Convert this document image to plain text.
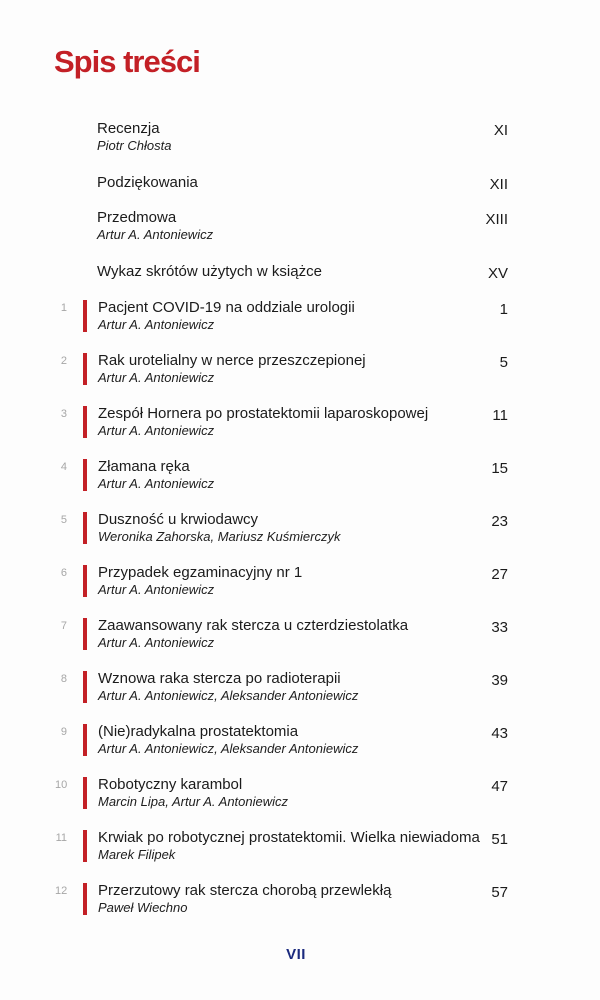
Spis treści
Recenzja
Piotr Chłosta
XI
Podziękowania	XII
Przedmowa
Artur A. Antoniewicz
XIII
Wykaz skrótów użytych w książce	XV
1 Pacjent COVID-19 na oddziale urologii
Artur A. Antoniewicz
1
2 Rak urotelialny w nerce przeszczepionej
Artur A. Antoniewicz
5
3 Zespół Hornera po prostatektomii laparoskopowej
Artur A. Antoniewicz
11
4 Złamana ręka
Artur A. Antoniewicz
15
5 Duszność u krwiodawcy
Weronika Zahorska, Mariusz Kuśmierczyk
23
6 Przypadek egzaminacyjny nr 1
Artur A. Antoniewicz
27
7 Zaawansowany rak stercza u czterdziestolatka
Artur A. Antoniewicz
33
8 Wznowa raka stercza po radioterapii
Artur A. Antoniewicz, Aleksander Antoniewicz
39
9 (Nie)radykalna prostatektomia
Artur A. Antoniewicz, Aleksander Antoniewicz
43
10 Robotyczny karambol
Marcin Lipa, Artur A. Antoniewicz
47
11 Krwiak po robotycznej prostatektomii. Wielka niewiadoma
Marek Filipek
51
12 Przerzutowy rak stercza chorobą przewlekłą
Paweł Wiechno
57
VII
